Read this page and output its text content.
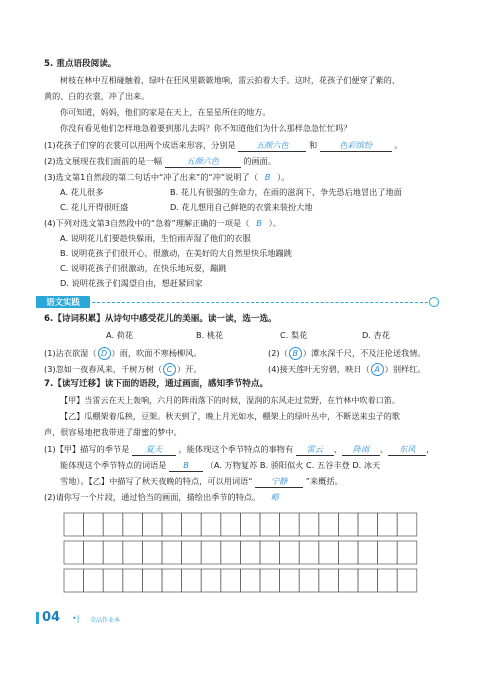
5. 重点语段阅读。
树枝在林中互相碰触着，绿叶在狂风里簌簌地响，雷云拍着大手。这时，花孩子们便穿了紫的、
黄的、白的衣裳，冲了出来。
你可知道，妈妈，他们的家是在天上，在星星所住的地方。
你没有看见他们怎样地急着要到那儿去吗？你不知道他们为什么那样急急忙忙吗？
(1)花孩子们穿的衣裳可以用两个成语来形容，分别是 五颜六色 和	色彩缤纷	。
(2)选文展现在我们面前的是一幅	五颜六色	的画面。
(3)选文第1自然段的第二句话中“冲了出来”的“冲”说明了（ B ）。
A. 花儿很多	B. 花儿有很强的生命力，在雨的滋润下，争先恐后地冒出了地面
C. 花儿开得很旺盛	D. 花儿想用自己鲜艳的衣裳来装扮大地
(4)下列对选文第3自然段中的“急着”理解正确的一项是（ B ）。
A. 说明花儿们要趁快躲雨，生怕雨弄湿了他们的衣服
B. 说明花孩子们很开心，很激动，在美好的大自然里快乐地蹦跳
C. 说明花孩子们很激动，在快乐地玩耍，蹦跳
D. 说明花孩子们渴望自由，想赶紧回家
语文实践
6.【诗词积累】从诗句中感受花儿的美丽。读一读，选一选。
A. 荷花	B. 桃花	C. 梨花	D. 杏花
(1)沾衣欲湿（ D ）雨，吹面不寒杨柳风。	(2)（ B ）潭水深千尺，不及汪伦送我情。
(3)忽如一夜春风来，千树万树（ C ）开。	(4)接天莲叶无穷碧，映日（ A ）别样红。
7.【读写迁移】读下面的语段，通过画面，感知季节特点。
【甲】当雷云在天上轰响，六月的阵雨落下的时候，湿润的东风走过荒野，在竹林中吹着口笛。
【乙】瓜棚架着瓜秧，豆架。秋天到了，晚上月光如水，棚架上的绿叶丛中，不断送来虫子的歌
声，很容易地把我带进了甜蜜的梦中。
(1)【甲】描写的季节是 夏天 ，能体现这个季节特点的事物有 雷云 、 阵雨 、 东风 ，
能体现这个季节特点的词语是 B （A. 万物复苏 B. 骄阳似火 C. 五谷丰登 D. 冰天
雪地）。【乙】中描写了秋天夜晚的特点，可以用词语“ 宁静 ”来概括。
(2)请你写一个片段，通过恰当的画面，描绘出季节的特点。 略
04 •| 全品作业本
